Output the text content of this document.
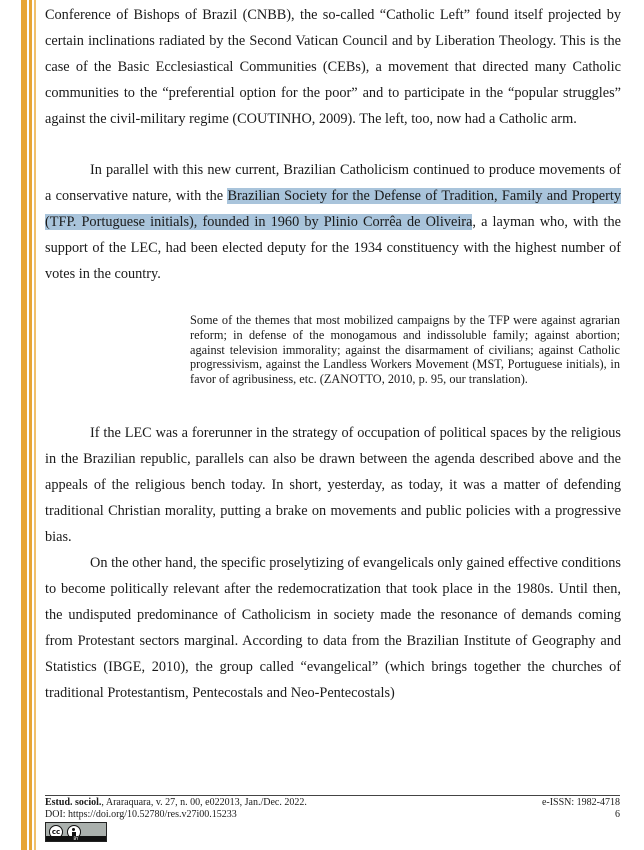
Conference of Bishops of Brazil (CNBB), the so-called “Catholic Left” found itself projected by certain inclinations radiated by the Second Vatican Council and by Liberation Theology. This is the case of the Basic Ecclesiastical Communities (CEBs), a movement that directed many Catholic communities to the “preferential option for the poor” and to participate in the “popular struggles” against the civil-military regime (COUTINHO, 2009). The left, too, now had a Catholic arm.

In parallel with this new current, Brazilian Catholicism continued to produce movements of a conservative nature, with the Brazilian Society for the Defense of Tradition, Family and Property (TFP. Portuguese initials), founded in 1960 by Plinio Corrêa de Oliveira, a layman who, with the support of the LEC, had been elected deputy for the 1934 constituency with the highest number of votes in the country.

Some of the themes that most mobilized campaigns by the TFP were against agrarian reform; in defense of the monogamous and indissoluble family; against abortion; against television immorality; against the disarmament of civilians; against Catholic progressivism, against the Landless Workers Movement (MST, Portuguese initials), in favor of agribusiness, etc. (ZANOTTO, 2010, p. 95, our translation).

If the LEC was a forerunner in the strategy of occupation of political spaces by the religious in the Brazilian republic, parallels can also be drawn between the agenda described above and the appeals of the religious bench today. In short, yesterday, as today, it was a matter of defending traditional Christian morality, putting a brake on movements and public policies with a progressive bias.

On the other hand, the specific proselytizing of evangelicals only gained effective conditions to become politically relevant after the redemocratization that took place in the 1980s. Until then, the undisputed predominance of Catholicism in society made the resonance of demands coming from Protestant sectors marginal. According to data from the Brazilian Institute of Geography and Statistics (IBGE, 2010), the group called “evangelical” (which brings together the churches of traditional Protestantism, Pentecostals and Neo-Pentecostals)

Estud. sociol., Araraquara, v. 27, n. 00, e022013, Jan./Dec. 2022.
DOI: https://doi.org/10.52780/res.v27i00.15233
e-ISSN: 1982-4718
6
cc
BY
